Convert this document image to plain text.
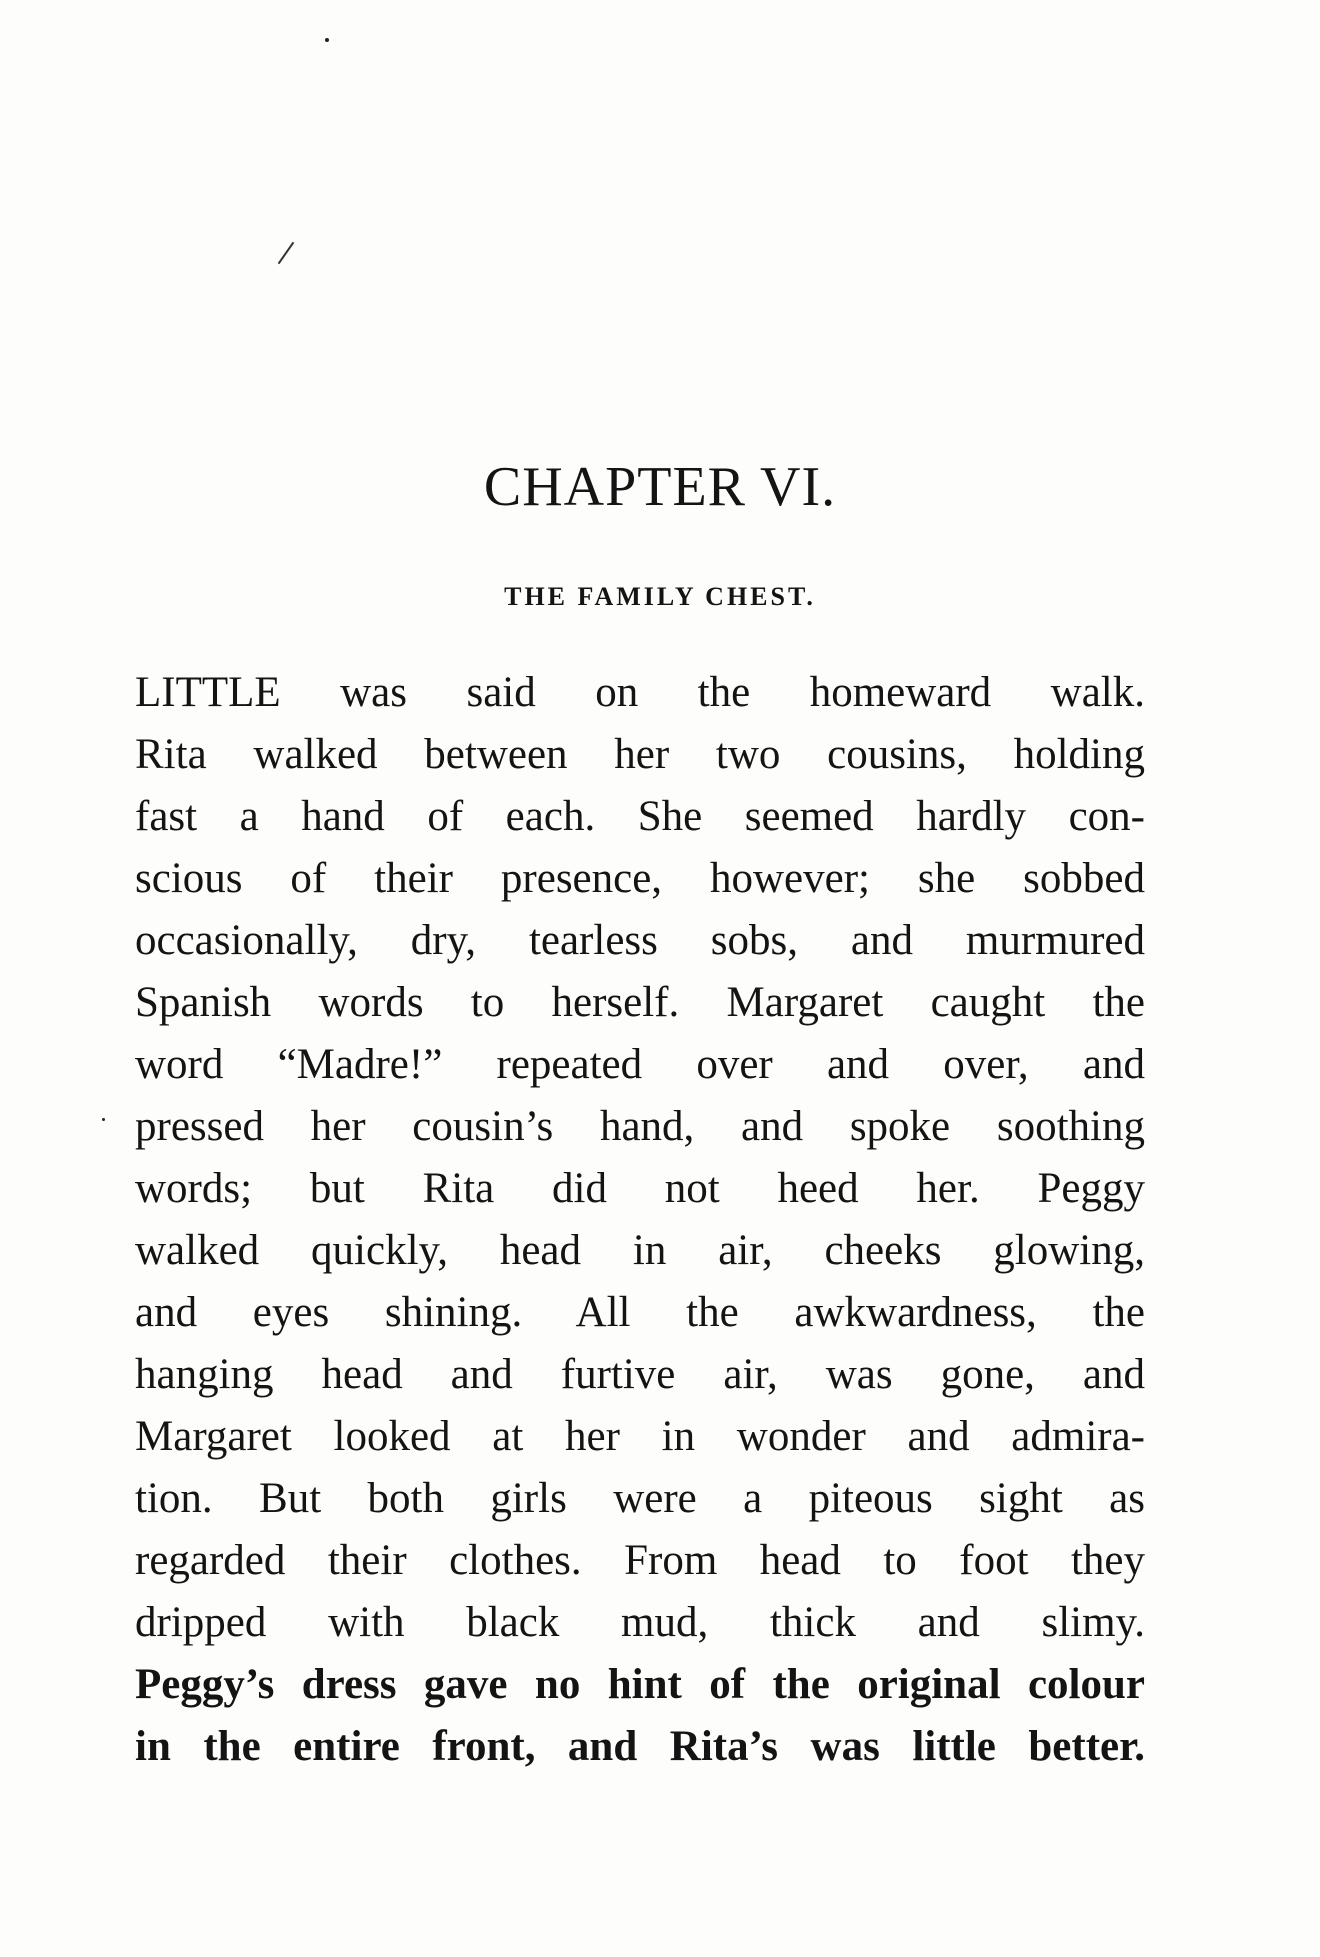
CHAPTER VI.
THE FAMILY CHEST.
LITTLE was said on the homeward walk.
Rita walked between her two cousins, holding
fast a hand of each. She seemed hardly con-
scious of their presence, however; she sobbed
occasionally, dry, tearless sobs, and murmured
Spanish words to herself. Margaret caught the
word “Madre!” repeated over and over, and
pressed her cousin’s hand, and spoke soothing
words; but Rita did not heed her. Peggy
walked quickly, head in air, cheeks glowing,
and eyes shining. All the awkwardness, the
hanging head and furtive air, was gone, and
Margaret looked at her in wonder and admira-
tion. But both girls were a piteous sight as
regarded their clothes. From head to foot they
dripped with black mud, thick and slimy.
Peggy’s dress gave no hint of the original colour
in the entire front, and Rita’s was little better.
